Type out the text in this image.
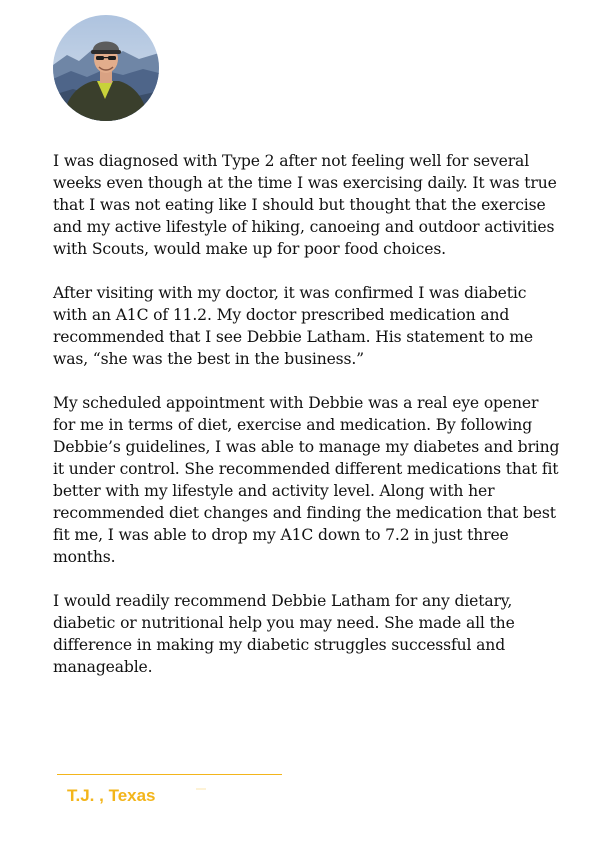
I was diagnosed with Type 2 after not feeling well for several weeks even though at the time I was exercising daily. It was true that I was not eating like I should but thought that the exercise and my active lifestyle of hiking, canoeing and outdoor activities with Scouts, would make up for poor food choices.

After visiting with my doctor, it was confirmed I was diabetic with an A1C of 11.2. My doctor prescribed medication and recommended that I see Debbie Latham. His statement to me was, “she was the best in the business.”

My scheduled appointment with Debbie was a real eye opener for me in terms of diet, exercise and medication. By following Debbie’s guidelines, I was able to manage my diabetes and bring it under control. She recommended different medications that fit better with my lifestyle and activity level. Along with her recommended diet changes and finding the medication that best fit me, I was able to drop my A1C down to 7.2 in just three months.

I would readily recommend Debbie Latham for any dietary, diabetic or nutritional help you may need. She made all the difference in making my diabetic struggles successful and manageable.

T.J. , Texas
